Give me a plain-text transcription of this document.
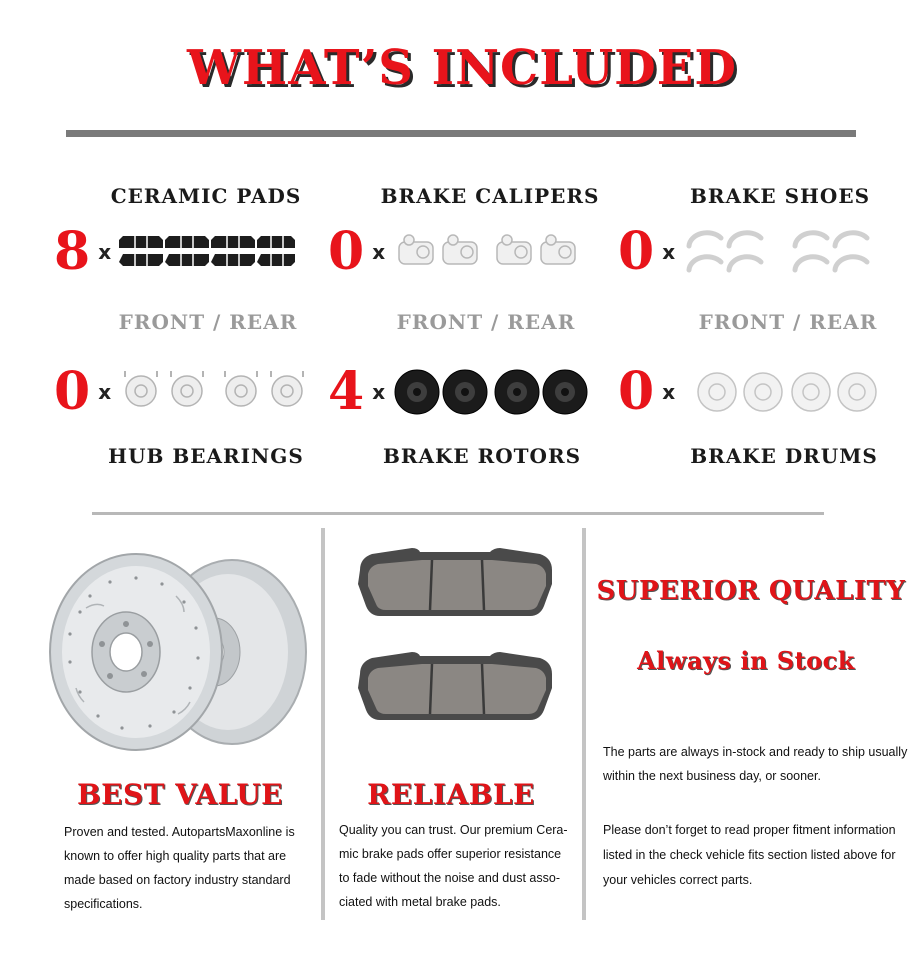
WHAT’S INCLUDED
CERAMIC PADS	BRAKE CALIPERS	BRAKE SHOES
8 x	0 x	0 x
FRONT / REAR	FRONT / REAR	FRONT / REAR
0 x	4 x	0 x
HUB BEARINGS	BRAKE ROTORS	BRAKE DRUMS
BEST VALUE
Proven and tested. AutopartsMaxonline is
known to offer high quality parts that are
made based on factory industry standard
specifications.
RELIABLE
Quality you can trust. Our premium Cera-
mic brake pads offer superior resistance
to fade without the noise and dust asso-
ciated with metal brake pads.
SUPERIOR QUALITY
Always in Stock
The parts are always in-stock and ready to ship usually
within the next business day, or sooner.
Please don’t forget to read proper fitment information
listed in the check vehicle fits section listed above for
your vehicles correct parts.
